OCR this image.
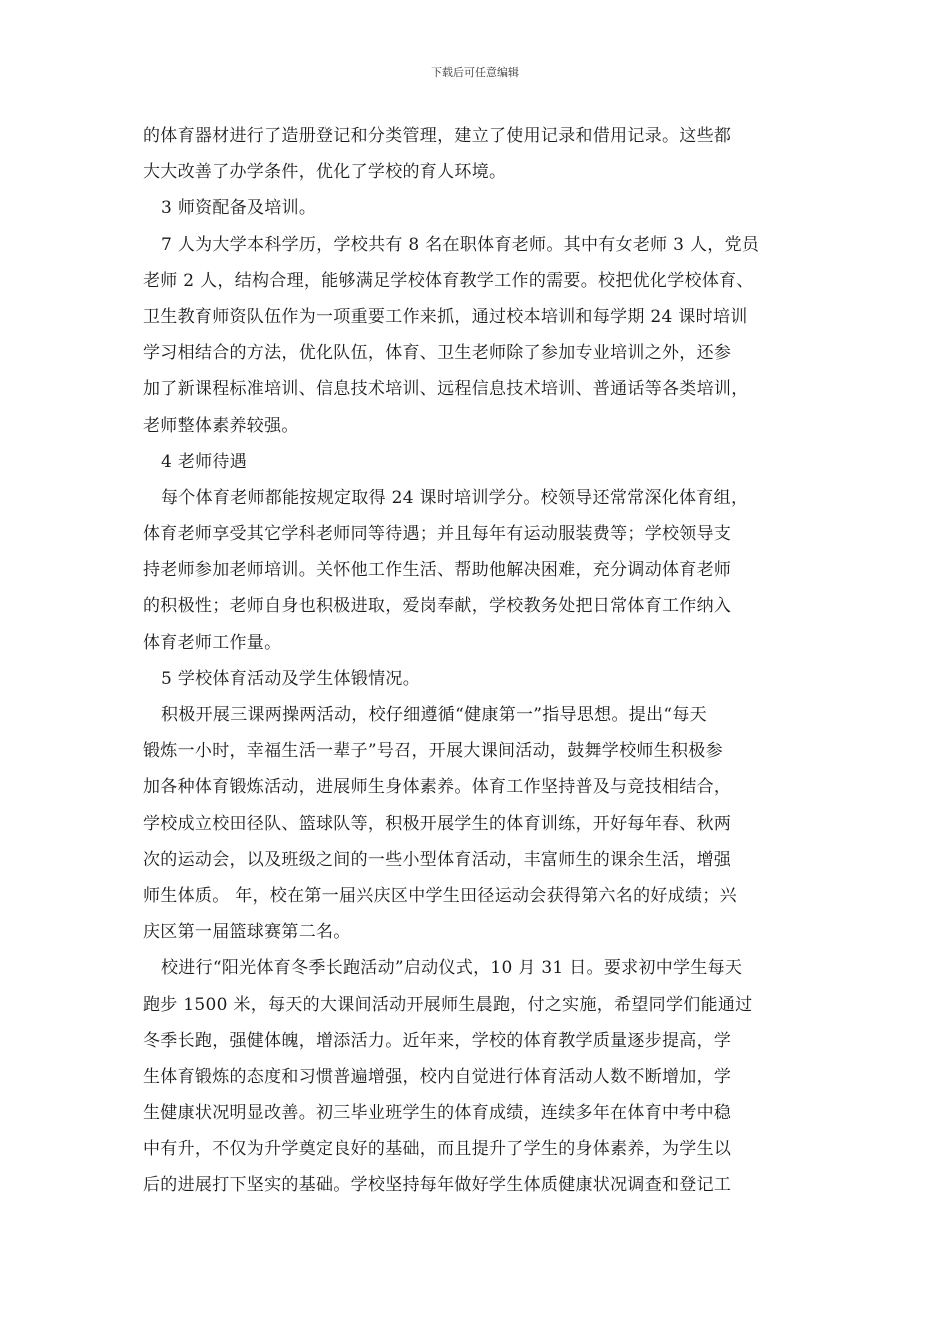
下载后可任意编辑
的体育器材进行了造册登记和分类管理，建立了使用记录和借用记录。这些都
大大改善了办学条件，优化了学校的育人环境。
3 师资配备及培训。
7 人为大学本科学历，学校共有 8 名在职体育老师。其中有女老师 3 人，党员
老师 2 人，结构合理，能够满足学校体育教学工作的需要。校把优化学校体育、
卫生教育师资队伍作为一项重要工作来抓，通过校本培训和每学期 24 课时培训
学习相结合的方法，优化队伍，体育、卫生老师除了参加专业培训之外，还参
加了新课程标准培训、信息技术培训、远程信息技术培训、普通话等各类培训，
老师整体素养较强。
4 老师待遇
每个体育老师都能按规定取得 24 课时培训学分。校领导还常常深化体育组，
体育老师享受其它学科老师同等待遇；并且每年有运动服装费等；学校领导支
持老师参加老师培训。关怀他工作生活、帮助他解决困难，充分调动体育老师
的积极性；老师自身也积极进取，爱岗奉献，学校教务处把日常体育工作纳入
体育老师工作量。
5 学校体育活动及学生体锻情况。
积极开展三课两操两活动，校仔细遵循“健康第一”指导思想。提出“每天
锻炼一小时，幸福生活一辈子”号召，开展大课间活动，鼓舞学校师生积极参
加各种体育锻炼活动，进展师生身体素养。体育工作坚持普及与竞技相结合，
学校成立校田径队、篮球队等，积极开展学生的体育训练，开好每年春、秋两
次的运动会，以及班级之间的一些小型体育活动，丰富师生的课余生活，增强
师生体质。 年，校在第一届兴庆区中学生田径运动会获得第六名的好成绩；兴
庆区第一届篮球赛第二名。
校进行“阳光体育冬季长跑活动”启动仪式，10 月 31 日。要求初中学生每天
跑步 1500 米，每天的大课间活动开展师生晨跑，付之实施，希望同学们能通过
冬季长跑，强健体魄，增添活力。近年来，学校的体育教学质量逐步提高，学
生体育锻炼的态度和习惯普遍增强，校内自觉进行体育活动人数不断增加，学
生健康状况明显改善。初三毕业班学生的体育成绩，连续多年在体育中考中稳
中有升，不仅为升学奠定良好的基础，而且提升了学生的身体素养，为学生以
后的进展打下坚实的基础。学校坚持每年做好学生体质健康状况调查和登记工
